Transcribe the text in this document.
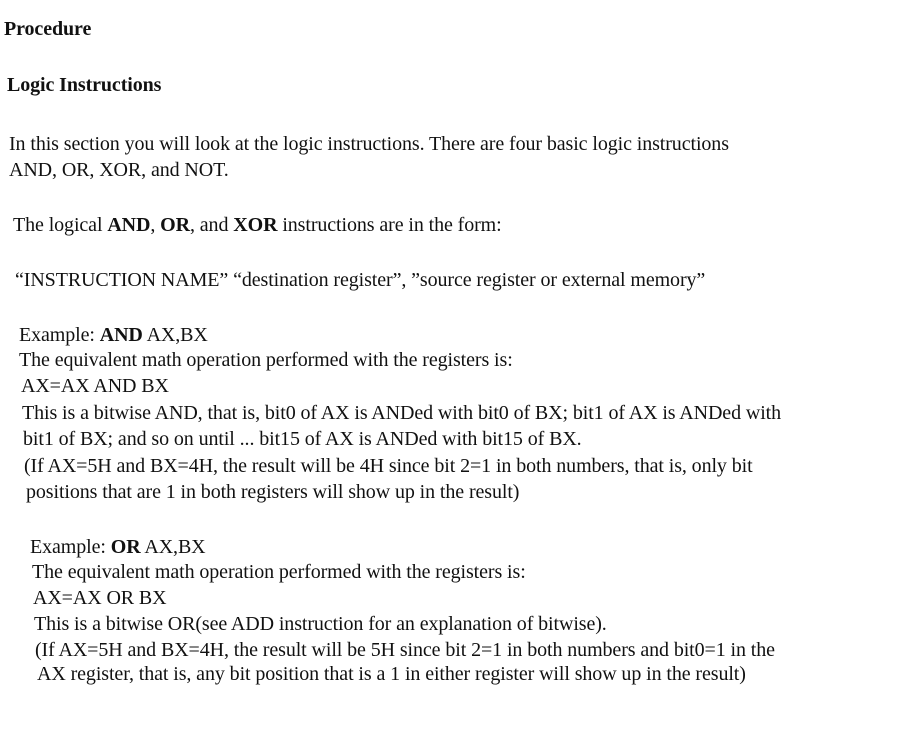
Procedure
Logic Instructions
In this section you will look at the logic instructions. There are four basic logic instructions
AND, OR, XOR, and NOT.
The logical AND, OR, and XOR instructions are in the form:
“INSTRUCTION NAME” “destination register”, ”source register or external memory”
Example: AND AX,BX
The equivalent math operation performed with the registers is:
AX=AX AND BX
This is a bitwise AND, that is, bit0 of AX is ANDed with bit0 of BX; bit1 of AX is ANDed with
bit1 of BX; and so on until ... bit15 of AX is ANDed with bit15 of BX.
(If AX=5H and BX=4H, the result will be 4H since bit 2=1 in both numbers, that is, only bit
positions that are 1 in both registers will show up in the result)
Example: OR AX,BX
The equivalent math operation performed with the registers is:
AX=AX OR BX
This is a bitwise OR(see ADD instruction for an explanation of bitwise).
(If AX=5H and BX=4H, the result will be 5H since bit 2=1 in both numbers and bit0=1 in the
AX register, that is, any bit position that is a 1 in either register will show up in the result)
